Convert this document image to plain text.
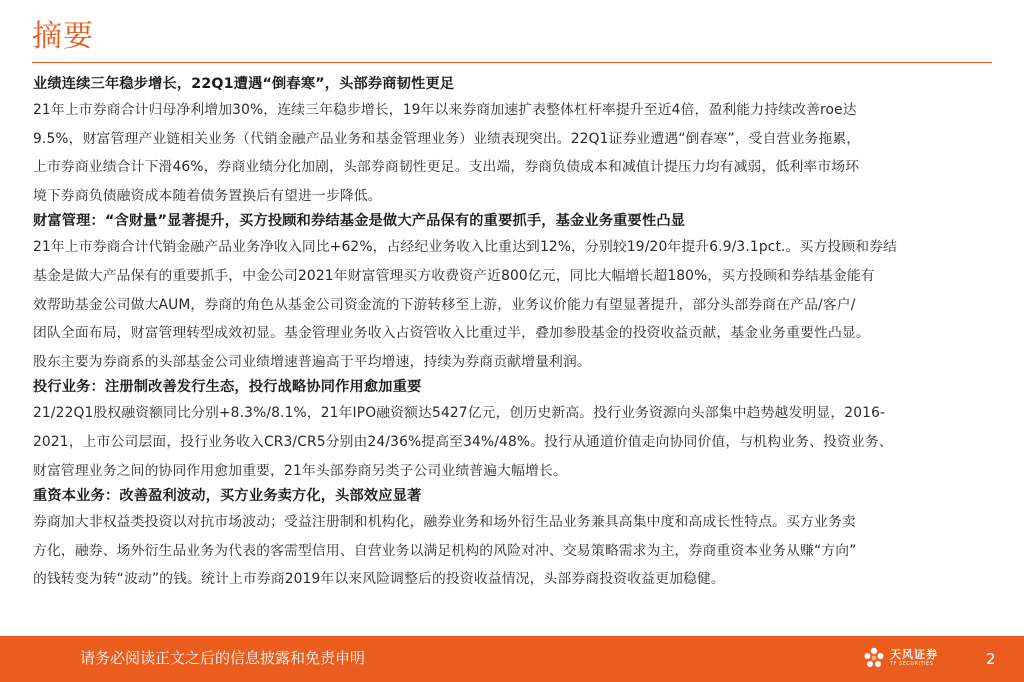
摘要
业绩连续三年稳步增长，22Q1遭遇“倒春寒”，头部券商韧性更足
21年上市券商合计归母净利增加30%，连续三年稳步增长，19年以来券商加速扩表整体杠杆率提升至近4倍，盈利能力持续改善roe达
9.5%，财富管理产业链相关业务（代销金融产品业务和基金管理业务）业绩表现突出。22Q1证券业遭遇“倒春寒”，受自营业务拖累，
上市券商业绩合计下滑46%，券商业绩分化加剧，头部券商韧性更足。支出端，券商负债成本和减值计提压力均有减弱，低利率市场环
境下券商负债融资成本随着债务置换后有望进一步降低。
财富管理：“含财量”显著提升，买方投顾和券结基金是做大产品保有的重要抓手，基金业务重要性凸显
21年上市券商合计代销金融产品业务净收入同比+62%，占经纪业务收入比重达到12%，分别较19/20年提升6.9/3.1pct.。买方投顾和券结
基金是做大产品保有的重要抓手，中金公司2021年财富管理买方收费资产近800亿元，同比大幅增长超180%，买方投顾和券结基金能有
效帮助基金公司做大AUM，券商的角色从基金公司资金流的下游转移至上游，业务议价能力有望显著提升，部分头部券商在产品/客户/
团队全面布局，财富管理转型成效初显。基金管理业务收入占资管收入比重过半，叠加参股基金的投资收益贡献，基金业务重要性凸显。
股东主要为券商系的头部基金公司业绩增速普遍高于平均增速，持续为券商贡献增量利润。
投行业务：注册制改善发行生态，投行战略协同作用愈加重要
21/22Q1股权融资额同比分别+8.3%/8.1%，21年IPO融资额达5427亿元，创历史新高。投行业务资源向头部集中趋势越发明显，2016-
2021，上市公司层面，投行业务收入CR3/CR5分别由24/36%提高至34%/48%。投行从通道价值走向协同价值，与机构业务、投资业务、
财富管理业务之间的协同作用愈加重要，21年头部券商另类子公司业绩普遍大幅增长。
重资本业务：改善盈利波动，买方业务卖方化，头部效应显著
券商加大非权益类投资以对抗市场波动；受益注册制和机构化，融券业务和场外衍生品业务兼具高集中度和高成长性特点。买方业务卖
方化，融券、场外衍生品业务为代表的客需型信用、自营业务以满足机构的风险对冲、交易策略需求为主，券商重资本业务从赚“方向”
的钱转变为转“波动”的钱。统计上市券商2019年以来风险调整后的投资收益情况，头部券商投资收益更加稳健。
请务必阅读正文之后的信息披露和免责申明	天风证券
TF SECURITIES	2
